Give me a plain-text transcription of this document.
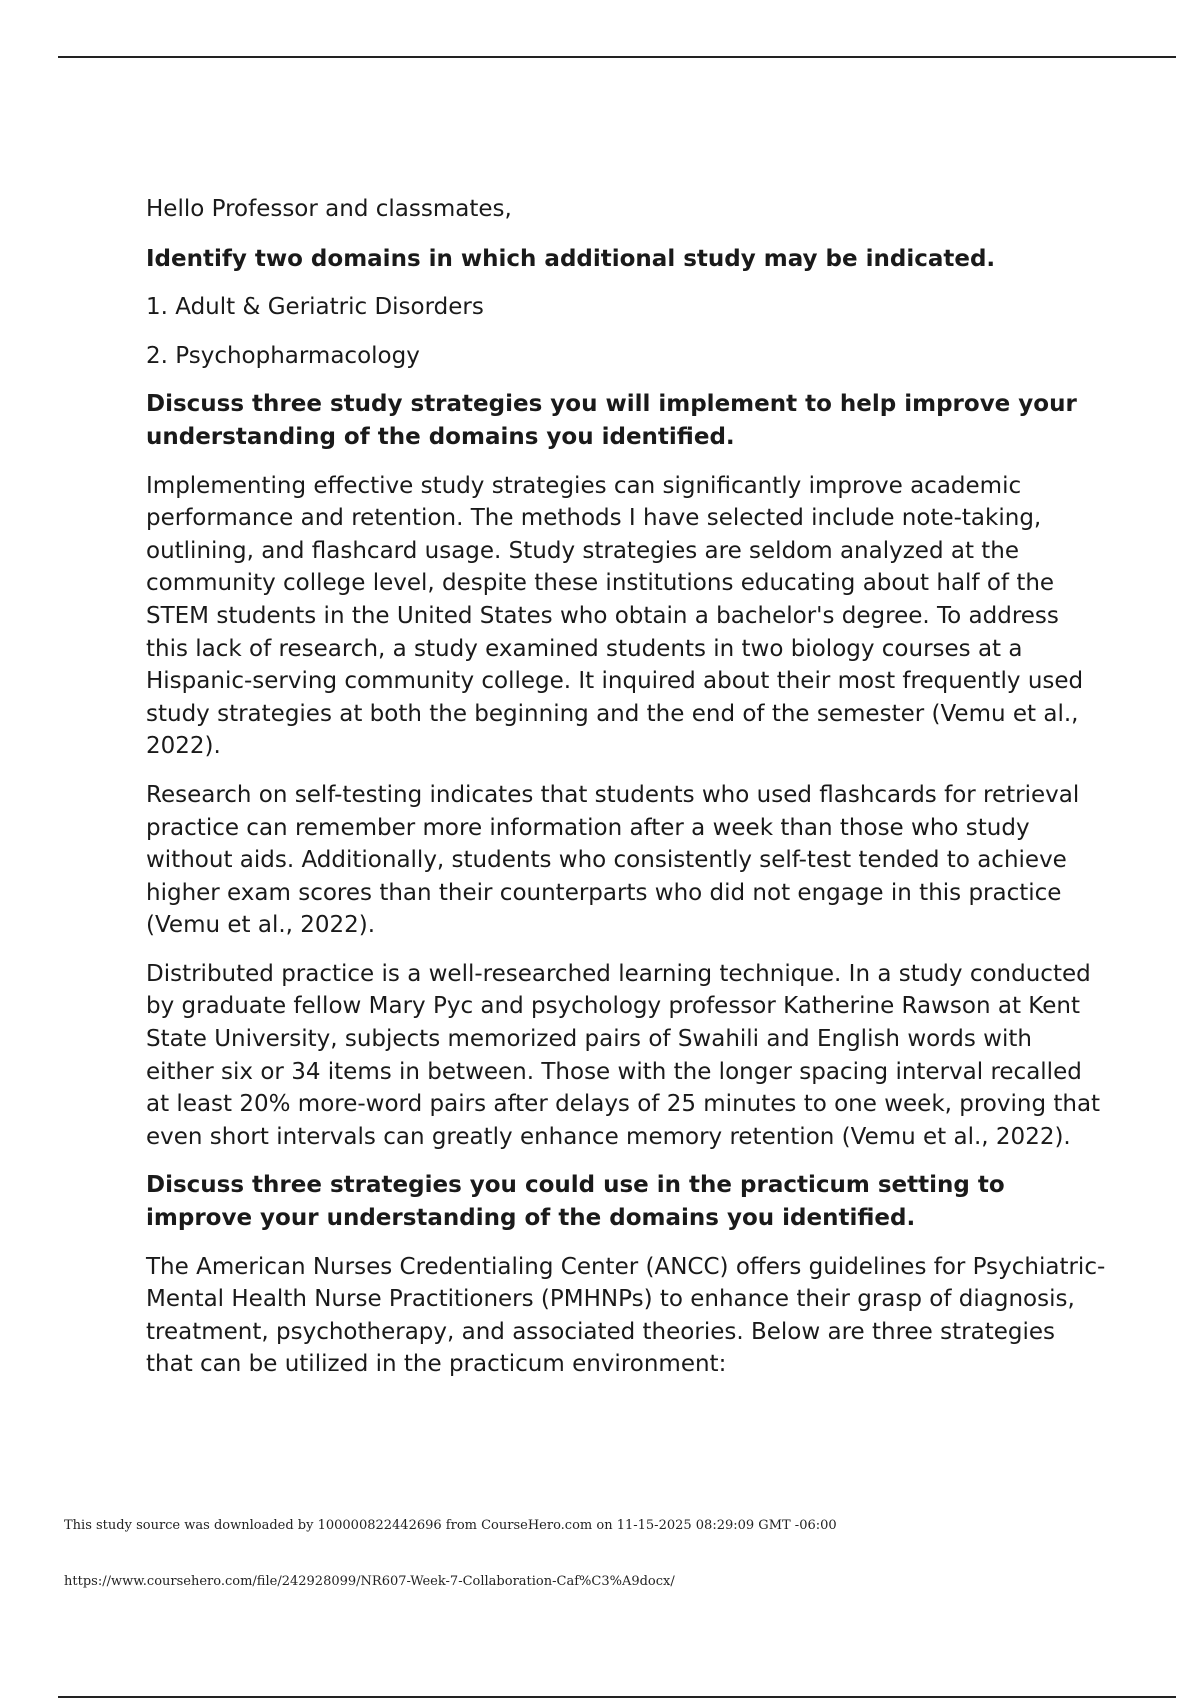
Hello Professor and classmates,

Identify two domains in which additional study may be indicated.

1. Adult & Geriatric Disorders

2. Psychopharmacology

Discuss three study strategies you will implement to help improve your understanding of the domains you identified.

Implementing effective study strategies can significantly improve academic performance and retention. The methods I have selected include note-taking, outlining, and flashcard usage. Study strategies are seldom analyzed at the community college level, despite these institutions educating about half of the STEM students in the United States who obtain a bachelor's degree. To address this lack of research, a study examined students in two biology courses at a Hispanic-serving community college. It inquired about their most frequently used study strategies at both the beginning and the end of the semester (Vemu et al., 2022).

Research on self-testing indicates that students who used flashcards for retrieval practice can remember more information after a week than those who study without aids. Additionally, students who consistently self-test tended to achieve higher exam scores than their counterparts who did not engage in this practice (Vemu et al., 2022).

Distributed practice is a well-researched learning technique. In a study conducted by graduate fellow Mary Pyc and psychology professor Katherine Rawson at Kent State University, subjects memorized pairs of Swahili and English words with either six or 34 items in between. Those with the longer spacing interval recalled at least 20% more-word pairs after delays of 25 minutes to one week, proving that even short intervals can greatly enhance memory retention (Vemu et al., 2022).

Discuss three strategies you could use in the practicum setting to improve your understanding of the domains you identified.

The American Nurses Credentialing Center (ANCC) offers guidelines for Psychiatric-Mental Health Nurse Practitioners (PMHNPs) to enhance their grasp of diagnosis, treatment, psychotherapy, and associated theories. Below are three strategies that can be utilized in the practicum environment:

This study source was downloaded by 100000822442696 from CourseHero.com on 11-15-2025 08:29:09 GMT -06:00
https://www.coursehero.com/file/242928099/NR607-Week-7-Collaboration-Caf%C3%A9docx/
